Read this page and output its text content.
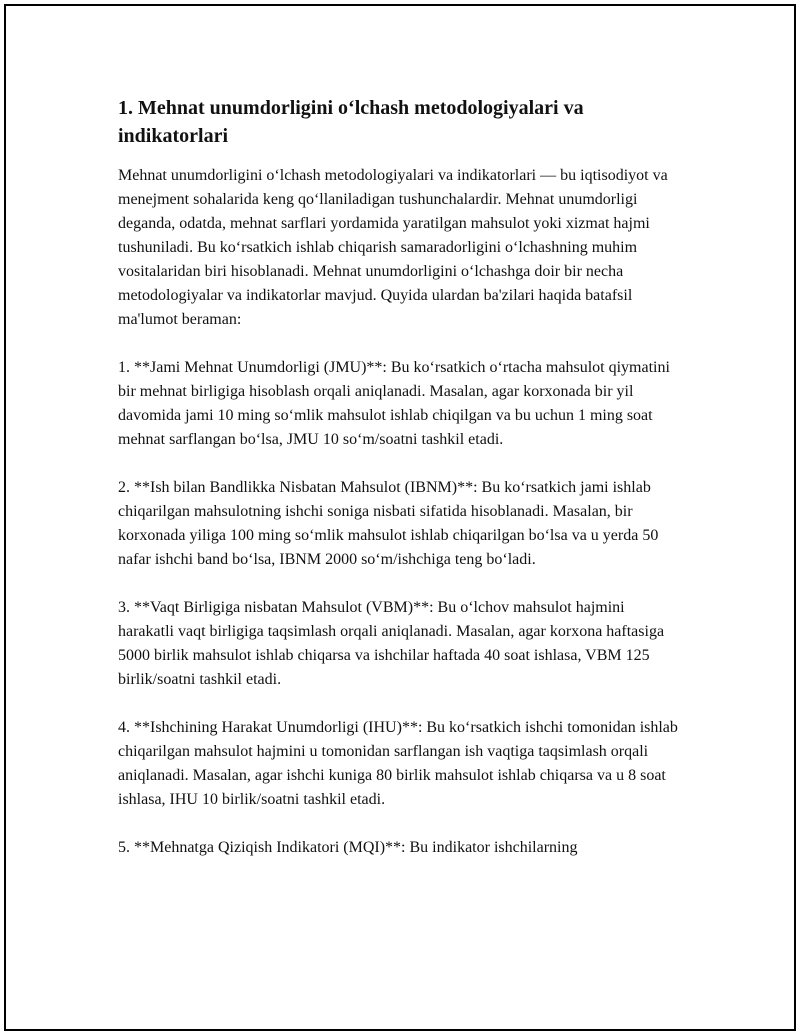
1. Mehnat unumdorligini o‘lchash metodologiyalari va indikatorlari

Mehnat unumdorligini o‘lchash metodologiyalari va indikatorlari — bu iqtisodiyot va menejment sohalarida keng qo‘llaniladigan tushunchalardir. Mehnat unumdorligi deganda, odatda, mehnat sarflari yordamida yaratilgan mahsulot yoki xizmat hajmi tushuniladi. Bu ko‘rsatkich ishlab chiqarish samaradorligini o‘lchashning muhim vositalaridan biri hisoblanadi. Mehnat unumdorligini o‘lchashga doir bir necha metodologiyalar va indikatorlar mavjud. Quyida ulardan ba'zilari haqida batafsil ma'lumot beraman:

1. **Jami Mehnat Unumdorligi (JMU)**: Bu ko‘rsatkich o‘rtacha mahsulot qiymatini bir mehnat birligiga hisoblash orqali aniqlanadi. Masalan, agar korxonada bir yil davomida jami 10 ming so‘mlik mahsulot ishlab chiqilgan va bu uchun 1 ming soat mehnat sarflangan bo‘lsa, JMU 10 so‘m/soatni tashkil etadi.

2. **Ish bilan Bandlikka Nisbatan Mahsulot (IBNM)**: Bu ko‘rsatkich jami ishlab chiqarilgan mahsulotning ishchi soniga nisbati sifatida hisoblanadi. Masalan, bir korxonada yiliga 100 ming so‘mlik mahsulot ishlab chiqarilgan bo‘lsa va u yerda 50 nafar ishchi band bo‘lsa, IBNM 2000 so‘m/ishchiga teng bo‘ladi.

3. **Vaqt Birligiga nisbatan Mahsulot (VBM)**: Bu o‘lchov mahsulot hajmini harakatli vaqt birligiga taqsimlash orqali aniqlanadi. Masalan, agar korxona haftasiga 5000 birlik mahsulot ishlab chiqarsa va ishchilar haftada 40 soat ishlasa, VBM 125 birlik/soatni tashkil etadi.

4. **Ishchining Harakat Unumdorligi (IHU)**: Bu ko‘rsatkich ishchi tomonidan ishlab chiqarilgan mahsulot hajmini u tomonidan sarflangan ish vaqtiga taqsimlash orqali aniqlanadi. Masalan, agar ishchi kuniga 80 birlik mahsulot ishlab chiqarsa va u 8 soat ishlasa, IHU 10 birlik/soatni tashkil etadi.

5. **Mehnatga Qiziqish Indikatori (MQI)**: Bu indikator ishchilarning
